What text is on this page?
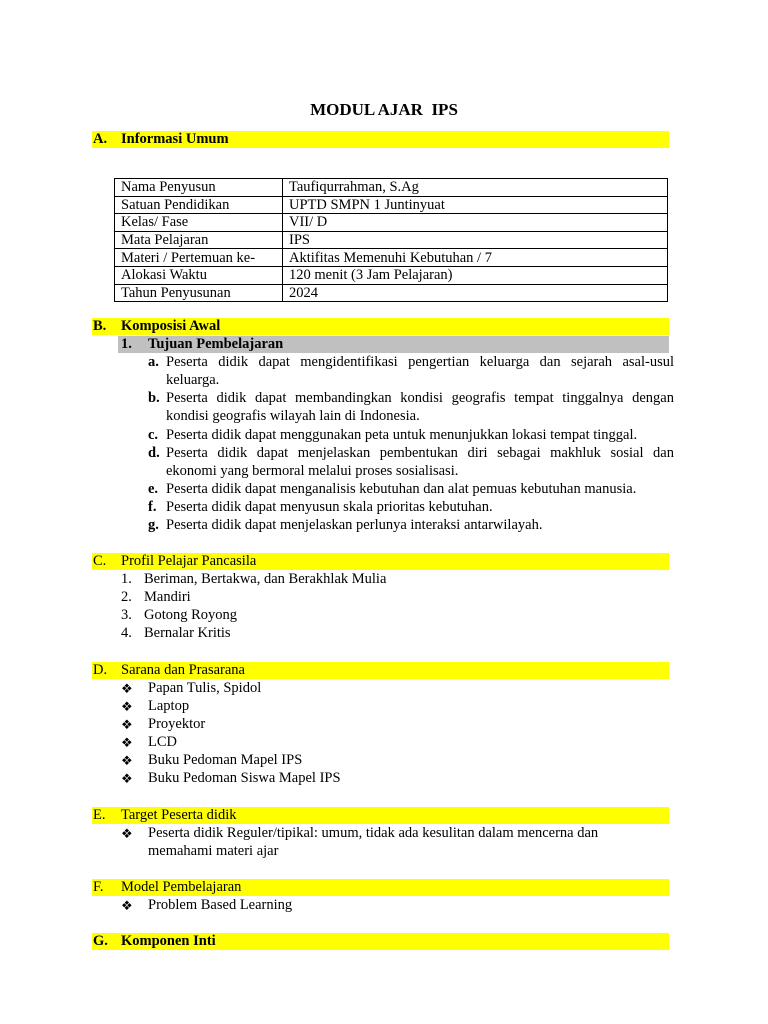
MODUL AJAR  IPS
A. Informasi Umum
Nama Penyusun	Taufiqurrahman, S.Ag
Satuan Pendidikan	UPTD SMPN 1 Juntinyuat
Kelas/ Fase	VII/ D
Mata Pelajaran	IPS
Materi / Pertemuan ke-	Aktifitas Memenuhi Kebutuhan / 7
Alokasi Waktu	120 menit (3 Jam Pelajaran)
Tahun Penyusunan	2024
B. Komposisi Awal
1. Tujuan Pembelajaran
a. Peserta didik dapat mengidentifikasi pengertian keluarga dan sejarah asal-usul keluarga.
b. Peserta didik dapat membandingkan kondisi geografis tempat tinggalnya dengan kondisi geografis wilayah lain di Indonesia.
c. Peserta didik dapat menggunakan peta untuk menunjukkan lokasi tempat tinggal.
d. Peserta didik dapat menjelaskan pembentukan diri sebagai makhluk sosial dan ekonomi yang bermoral melalui proses sosialisasi.
e. Peserta didik dapat menganalisis kebutuhan dan alat pemuas kebutuhan manusia.
f. Peserta didik dapat menyusun skala prioritas kebutuhan.
g. Peserta didik dapat menjelaskan perlunya interaksi antarwilayah.
C. Profil Pelajar Pancasila
1. Beriman, Bertakwa, dan Berakhlak Mulia
2. Mandiri
3. Gotong Royong
4. Bernalar Kritis
D. Sarana dan Prasarana
❖ Papan Tulis, Spidol
❖ Laptop
❖ Proyektor
❖ LCD
❖ Buku Pedoman Mapel IPS
❖ Buku Pedoman Siswa Mapel IPS
E. Target Peserta didik
❖ Peserta didik Reguler/tipikal: umum, tidak ada kesulitan dalam mencerna dan
memahami materi ajar
F. Model Pembelajaran
❖ Problem Based Learning
G. Komponen Inti
